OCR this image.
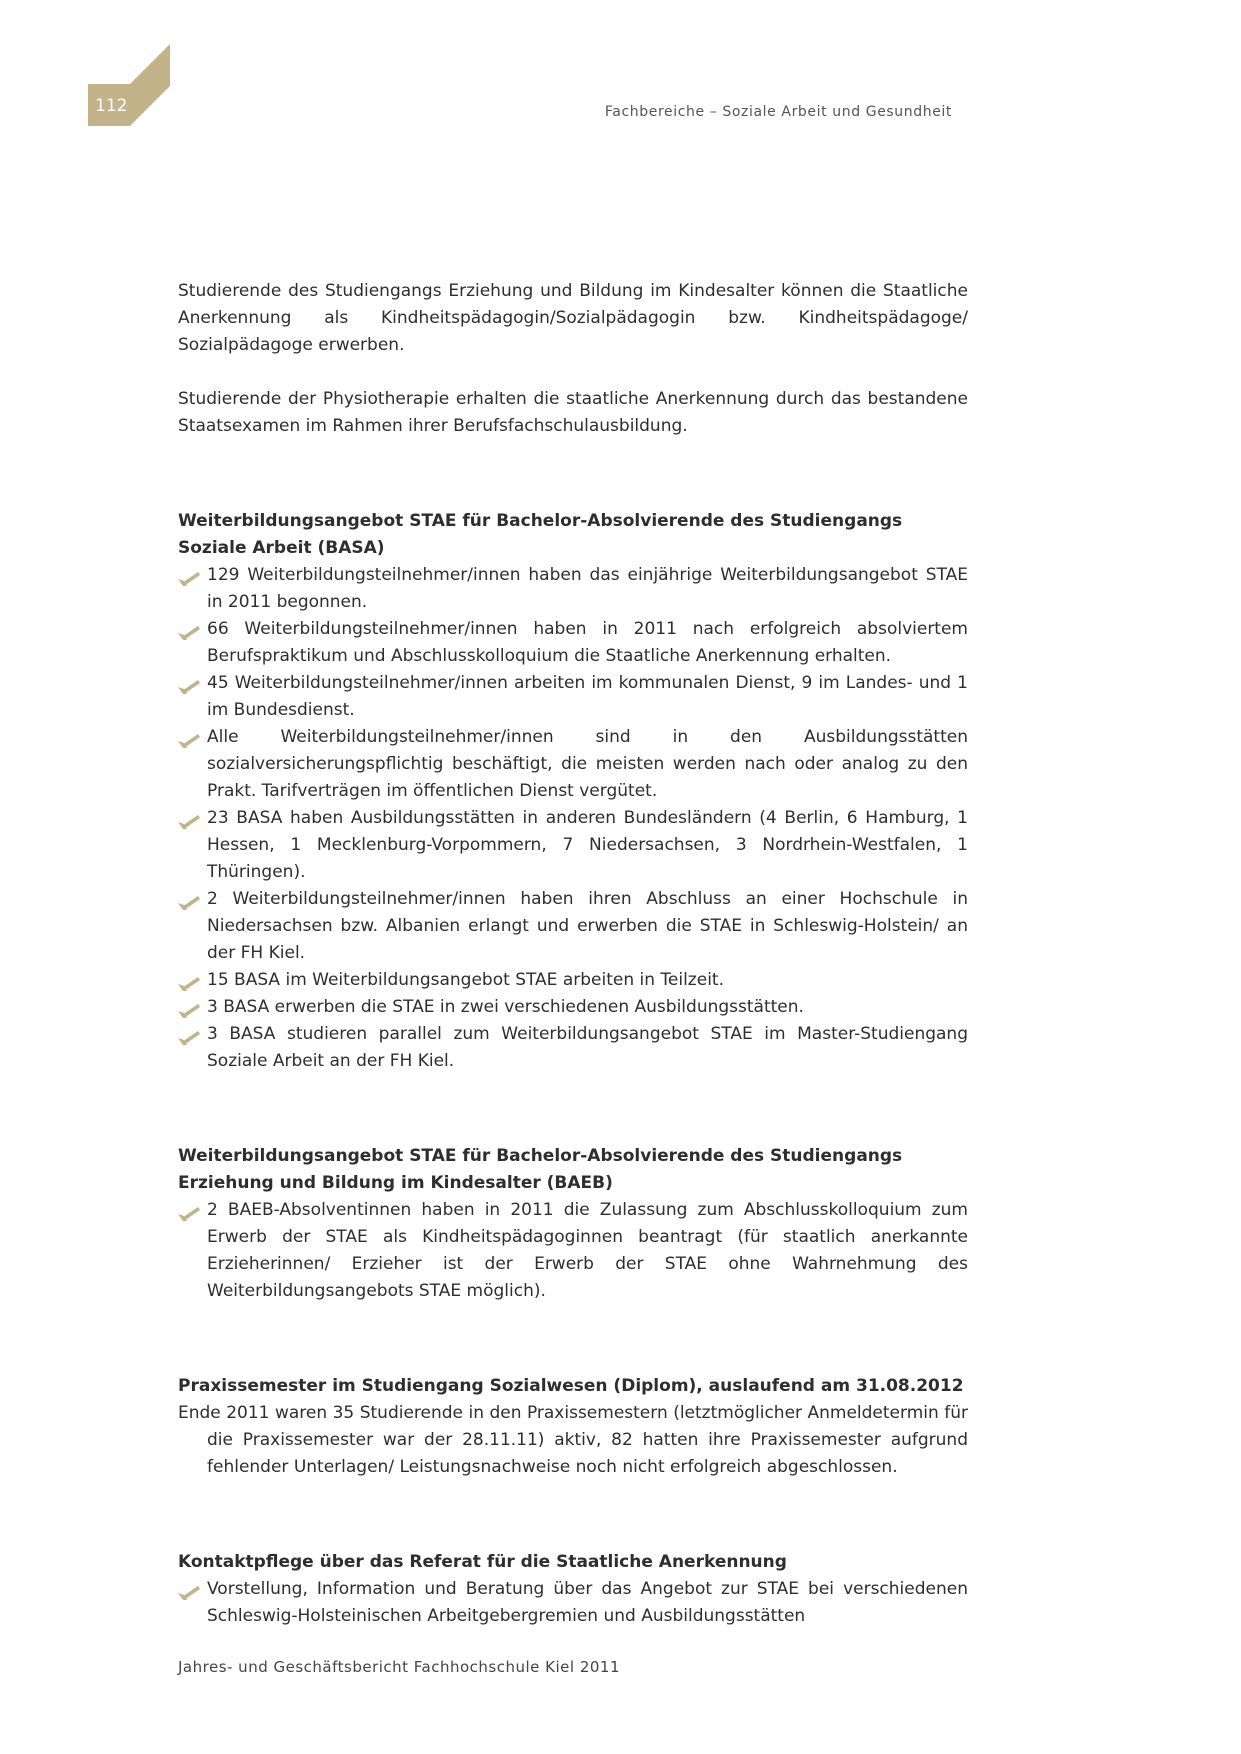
112	Fachbereiche – Soziale Arbeit und Gesundheit

Studierende des Studiengangs Erziehung und Bildung im Kindesalter können die Staatliche Anerkennung als Kindheitspädagogin/Sozialpädagogin bzw. Kindheitspädagoge/ Sozialpädagoge erwerben.

Studierende der Physiotherapie erhalten die staatliche Anerkennung durch das bestandene Staatsexamen im Rahmen ihrer Berufsfachschulausbildung.

Weiterbildungsangebot STAE für Bachelor-Absolvierende des Studiengangs Soziale Arbeit (BASA)

129 Weiterbildungsteilnehmer/innen haben das einjährige Weiterbildungsangebot STAE in 2011 begonnen.
66 Weiterbildungsteilnehmer/innen haben in 2011 nach erfolgreich absolviertem Berufspraktikum und Abschlusskolloquium die Staatliche Anerkennung erhalten.
45 Weiterbildungsteilnehmer/innen arbeiten im kommunalen Dienst, 9 im Landes- und 1 im Bundesdienst.
Alle Weiterbildungsteilnehmer/innen sind in den Ausbildungsstätten sozialversicherungspflichtig beschäftigt, die meisten werden nach oder analog zu den Prakt. Tarifverträgen im öffentlichen Dienst vergütet.
23 BASA haben Ausbildungsstätten in anderen Bundesländern (4 Berlin, 6 Hamburg, 1 Hessen, 1 Mecklenburg-Vorpommern, 7 Niedersachsen, 3 Nordrhein-Westfalen, 1 Thüringen).
2 Weiterbildungsteilnehmer/innen haben ihren Abschluss an einer Hochschule in Niedersachsen bzw. Albanien erlangt und erwerben die STAE in Schleswig-Holstein/ an der FH Kiel.
15 BASA im Weiterbildungsangebot STAE arbeiten in Teilzeit.
3 BASA erwerben die STAE in zwei verschiedenen Ausbildungsstätten.
3 BASA studieren parallel zum Weiterbildungsangebot STAE im Master-Studiengang Soziale Arbeit an der FH Kiel.

Weiterbildungsangebot STAE für Bachelor-Absolvierende des Studiengangs Erziehung und Bildung im Kindesalter (BAEB)

2 BAEB-Absolventinnen haben in 2011 die Zulassung zum Abschlusskolloquium zum Erwerb der STAE als Kindheitspädagoginnen beantragt (für staatlich anerkannte Erzieherinnen/ Erzieher ist der Erwerb der STAE ohne Wahrnehmung des Weiterbildungsangebots STAE möglich).

Praxissemester im Studiengang Sozialwesen (Diplom), auslaufend am 31.08.2012

Ende 2011 waren 35 Studierende in den Praxissemestern (letztmöglicher Anmeldetermin für die Praxissemester war der 28.11.11) aktiv, 82 hatten ihre Praxissemester aufgrund fehlender Unterlagen/ Leistungsnachweise noch nicht erfolgreich abgeschlossen.

Kontaktpflege über das Referat für die Staatliche Anerkennung

Vorstellung, Information und Beratung über das Angebot zur STAE bei verschiedenen Schleswig-Holsteinischen Arbeitgebergremien und Ausbildungsstätten
Jahres- und Geschäftsbericht Fachhochschule Kiel 2011
